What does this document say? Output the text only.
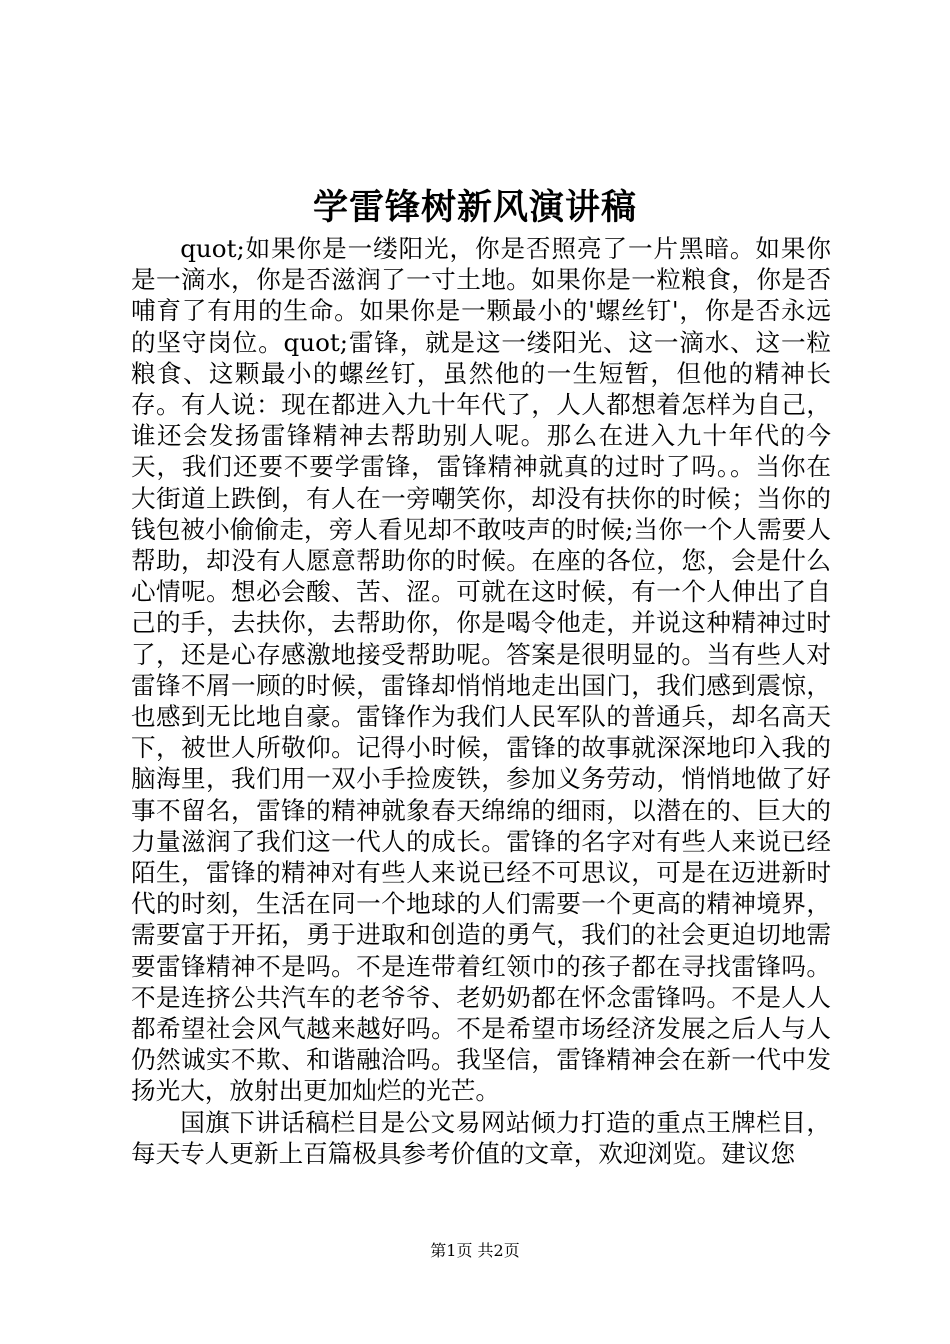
学雷锋树新风演讲稿

quot;如果你是一缕阳光，你是否照亮了一片黑暗。如果你是一滴水，你是否滋润了一寸土地。如果你是一粒粮食，你是否哺育了有用的生命。如果你是一颗最小的'螺丝钉'，你是否永远的坚守岗位。quot;雷锋，就是这一缕阳光、这一滴水、这一粒粮食、这颗最小的螺丝钉，虽然他的一生短暂，但他的精神长存。有人说：现在都进入九十年代了，人人都想着怎样为自己，谁还会发扬雷锋精神去帮助别人呢。那么在进入九十年代的今天，我们还要不要学雷锋，雷锋精神就真的过时了吗。。当你在大街道上跌倒，有人在一旁嘲笑你，却没有扶你的时候；当你的钱包被小偷偷走，旁人看见却不敢吱声的时候;当你一个人需要人帮助，却没有人愿意帮助你的时候。在座的各位，您，会是什么心情呢。想必会酸、苦、涩。可就在这时候，有一个人伸出了自己的手，去扶你，去帮助你，你是喝令他走，并说这种精神过时了，还是心存感激地接受帮助呢。答案是很明显的。当有些人对雷锋不屑一顾的时候，雷锋却悄悄地走出国门，我们感到震惊，也感到无比地自豪。雷锋作为我们人民军队的普通兵，却名高天下，被世人所敬仰。记得小时候，雷锋的故事就深深地印入我的脑海里，我们用一双小手捡废铁，参加义务劳动，悄悄地做了好事不留名，雷锋的精神就象春天绵绵的细雨，以潜在的、巨大的力量滋润了我们这一代人的成长。雷锋的名字对有些人来说已经陌生，雷锋的精神对有些人来说已经不可思议，可是在迈进新时代的时刻，生活在同一个地球的人们需要一个更高的精神境界，需要富于开拓，勇于进取和创造的勇气，我们的社会更迫切地需要雷锋精神不是吗。不是连带着红领巾的孩子都在寻找雷锋吗。不是连挤公共汽车的老爷爷、老奶奶都在怀念雷锋吗。不是人人都希望社会风气越来越好吗。不是希望市场经济发展之后人与人仍然诚实不欺、和谐融洽吗。我坚信，雷锋精神会在新一代中发扬光大，放射出更加灿烂的光芒。

国旗下讲话稿栏目是公文易网站倾力打造的重点王牌栏目，每天专人更新上百篇极具参考价值的文章，欢迎浏览。建议您

第1页 共2页
